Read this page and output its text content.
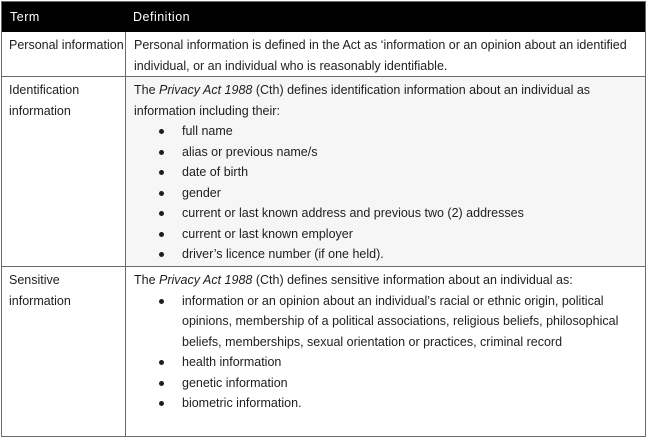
Term	Definition
Personal information Personal information is defined in the Act as ‘information or an opinion about an identified individual, or an individual who is reasonably identifiable.
Identification information
The Privacy Act 1988 (Cth) defines identification information about an individual as information including their:
full name
alias or previous name/s
date of birth
gender
current or last known address and previous two (2) addresses
current or last known employer
driver’s licence number (if one held).
Sensitive information
The Privacy Act 1988 (Cth) defines sensitive information about an individual as:
information or an opinion about an individual’s racial or ethnic origin, political opinions, membership of a political associations, religious beliefs, philosophical beliefs, memberships, sexual orientation or practices, criminal record
health information
genetic information
biometric information.
